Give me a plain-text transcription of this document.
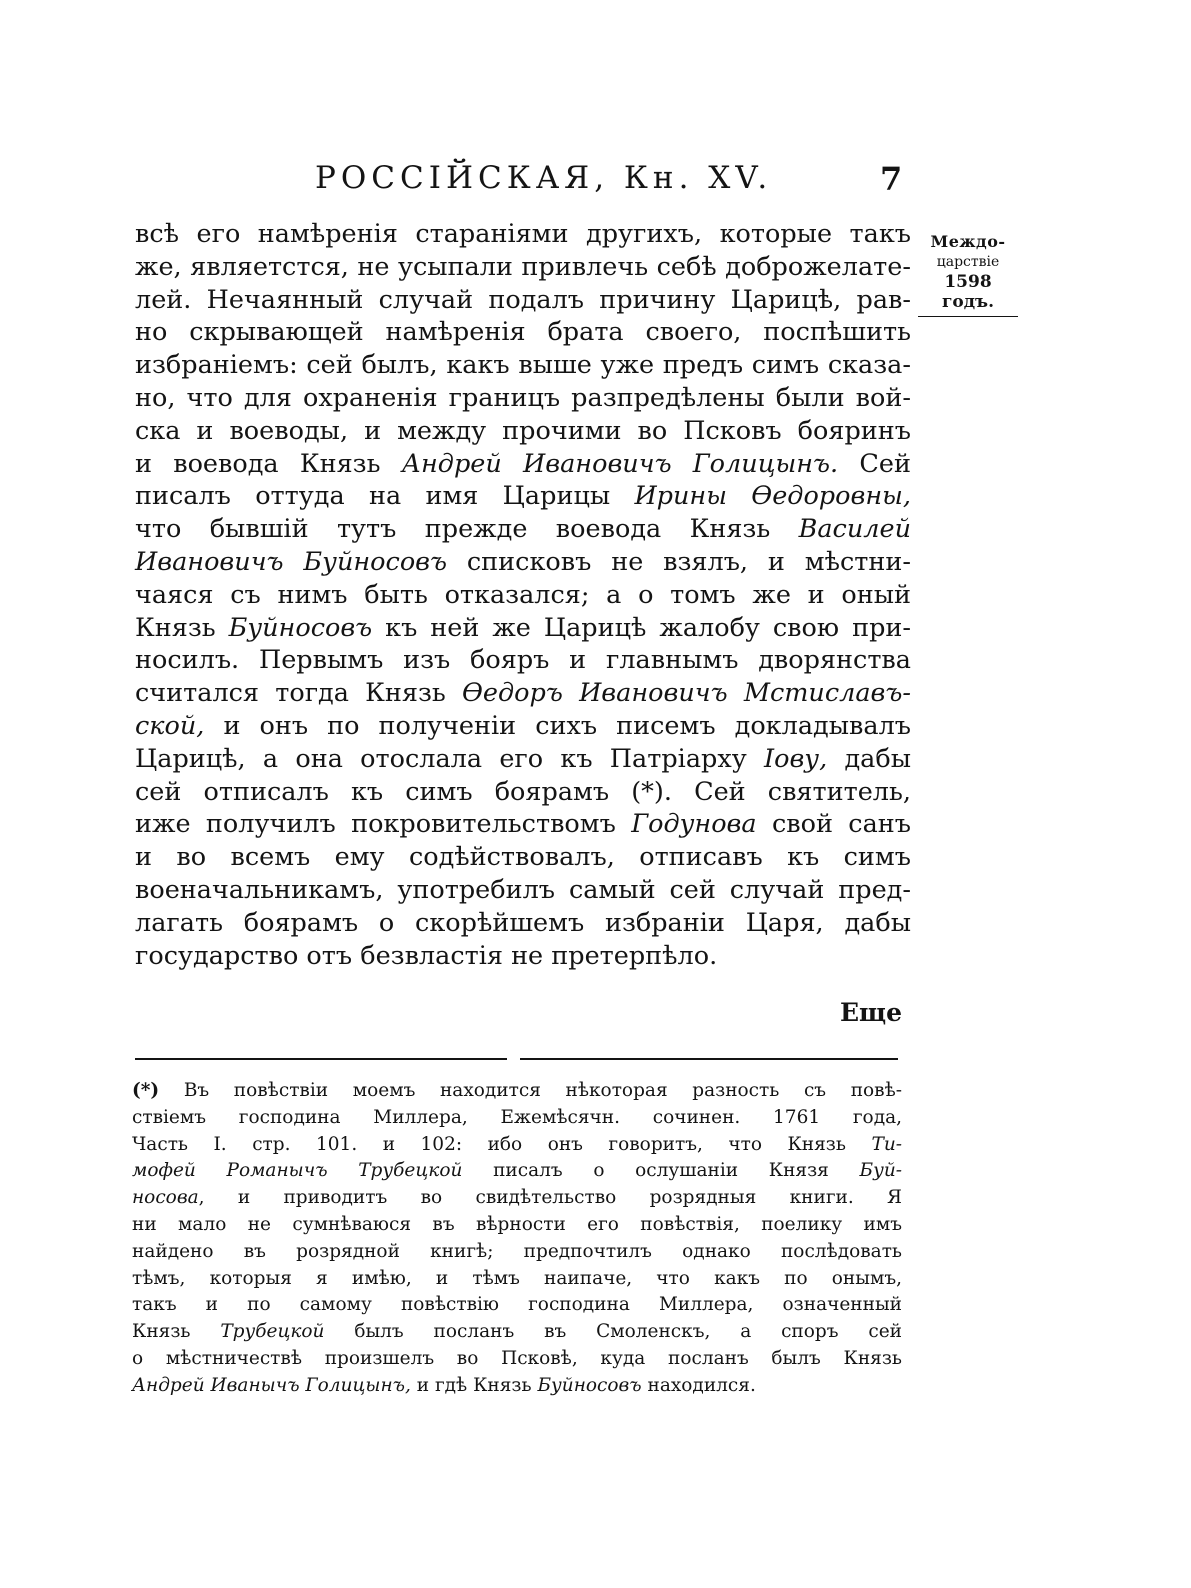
РОССІЙСКАЯ, Кн. XV.	7
всѣ его намѣренія стараніями другихъ, которые такъ
же, являетстся, не усыпали привлечь себѣ доброжелате-
лей. Нечаянный случай подалъ причину Царицѣ, рав-
но скрывающей намѣренія брата своего, поспѣшить
избраніемъ: сей былъ, какъ выше уже предъ симъ сказа-
но, что для охраненія границъ разпредѣлены были вой-
ска и воеводы, и между прочими во Псковъ бояринъ
и воевода Князь Андрей Ивановичъ Голицынъ. Сей
писалъ оттуда на имя Царицы Ирины Ѳедоровны,
что бывшій тутъ прежде воевода Князь Василей
Ивановичъ Буйносовъ списковъ не взялъ, и мѣстни-
чаяся съ нимъ быть отказался; а о томъ же и оный
Князь Буйносовъ къ ней же Царицѣ жалобу свою при-
носилъ. Первымъ изъ бояръ и главнымъ дворянства
считался тогда Князь Ѳедоръ Ивановичъ Мстиславъ-
ской, и онъ по полученіи сихъ писемъ докладывалъ
Царицѣ, а она отослала его къ Патріарху Іову, дабы
сей отписалъ къ симъ боярамъ (*). Сей святитель,
иже получилъ покровительствомъ Годунова свой санъ
и во всемъ ему содѣйствовалъ, отписавъ къ симъ
военачальникамъ, употребилъ самый сей случай пред-
лагать боярамъ о скорѣйшемъ избраніи Царя, дабы
государство отъ безвластія не претерпѣло.
Междо-
царствіе
1598 годъ.
Еще
(*) Въ повѣствіи моемъ находится нѣкоторая разность съ повѣ-
ствіемъ господина Миллера, Ежемѣсячн. сочинен. 1761 года,
Часть I. стр. 101. и 102: ибо онъ говоритъ, что Князь Ти-
мофей Романычъ Трубецкой писалъ о ослушаніи Князя Буй-
носова, и приводитъ во свидѣтельство розрядныя книги. Я
ни мало не сумнѣваюся въ вѣрности его повѣствія, поелику имъ
найдено въ розрядной книгѣ; предпочтилъ однако послѣдовать
тѣмъ, которыя я имѣю, и тѣмъ наипаче, что какъ по онымъ,
такъ и по самому повѣствію господина Миллера, означенный
Князь Трубецкой былъ посланъ въ Смоленскъ, а споръ сей
о мѣстничествѣ произшелъ во Псковѣ, куда посланъ былъ Князь
Андрей Иванычъ Голицынъ, и гдѣ Князь Буйносовъ находился.
